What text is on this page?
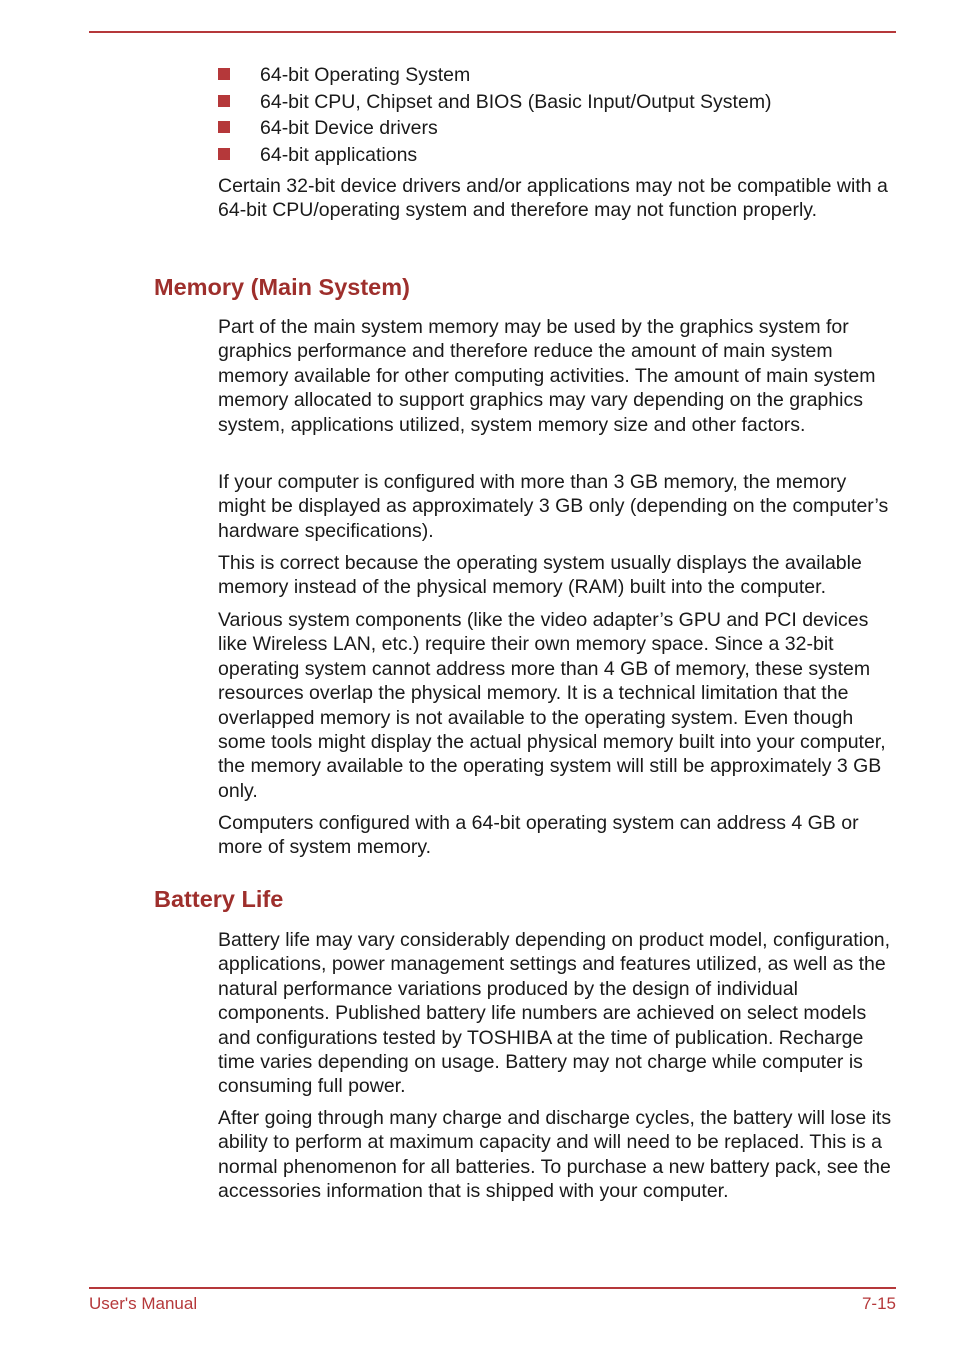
64-bit Operating System
64-bit CPU, Chipset and BIOS (Basic Input/Output System)
64-bit Device drivers
64-bit applications

Certain 32-bit device drivers and/or applications may not be compatible with a 64-bit CPU/operating system and therefore may not function properly.

Memory (Main System)

Part of the main system memory may be used by the graphics system for graphics performance and therefore reduce the amount of main system memory available for other computing activities. The amount of main system memory allocated to support graphics may vary depending on the graphics system, applications utilized, system memory size and other factors.

If your computer is configured with more than 3 GB memory, the memory might be displayed as approximately 3 GB only (depending on the computer’s hardware specifications).

This is correct because the operating system usually displays the available memory instead of the physical memory (RAM) built into the computer.

Various system components (like the video adapter’s GPU and PCI devices like Wireless LAN, etc.) require their own memory space. Since a 32-bit operating system cannot address more than 4 GB of memory, these system resources overlap the physical memory. It is a technical limitation that the overlapped memory is not available to the operating system. Even though some tools might display the actual physical memory built into your computer, the memory available to the operating system will still be approximately 3 GB only.

Computers configured with a 64-bit operating system can address 4 GB or more of system memory.

Battery Life

Battery life may vary considerably depending on product model, configuration, applications, power management settings and features utilized, as well as the natural performance variations produced by the design of individual components. Published battery life numbers are achieved on select models and configurations tested by TOSHIBA at the time of publication. Recharge time varies depending on usage. Battery may not charge while computer is consuming full power.

After going through many charge and discharge cycles, the battery will lose its ability to perform at maximum capacity and will need to be replaced. This is a normal phenomenon for all batteries. To purchase a new battery pack, see the accessories information that is shipped with your computer.

User's Manual	7-15
